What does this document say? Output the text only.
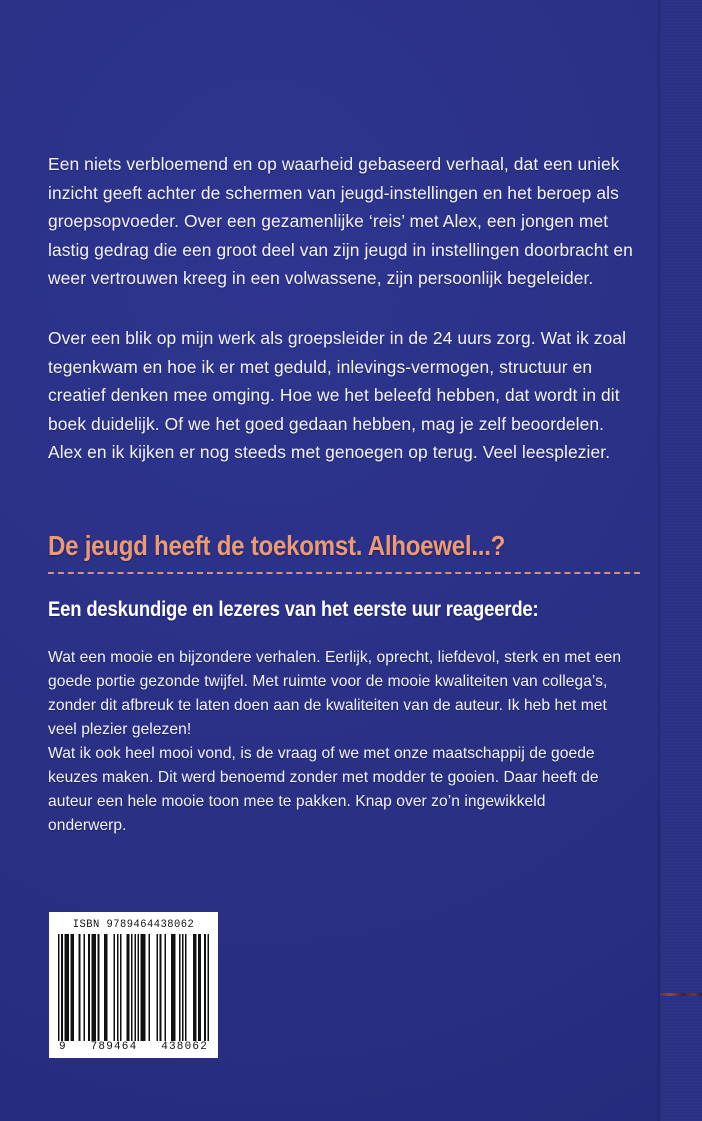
Een niets verbloemend en op waarheid gebaseerd verhaal, dat een uniek inzicht geeft achter de schermen van jeugd-instellingen en het beroep als groepsopvoeder. Over een gezamenlijke ‘reis’ met Alex, een jongen met lastig gedrag die een groot deel van zijn jeugd in instellingen doorbracht en weer vertrouwen kreeg in een volwassene, zijn persoonlijk begeleider.

Over een blik op mijn werk als groepsleider in de 24 uurs zorg. Wat ik zoal tegenkwam en hoe ik er met geduld, inlevings-vermogen, structuur en creatief denken mee omging. Hoe we het beleefd hebben, dat wordt in dit boek duidelijk. Of we het goed gedaan hebben, mag je zelf beoordelen. Alex en ik kijken er nog steeds met genoegen op terug. Veel leesplezier.

De jeugd heeft de toekomst. Alhoewel...?
Een deskundige en lezeres van het eerste uur reageerde:

Wat een mooie en bijzondere verhalen. Eerlijk, oprecht, liefdevol, sterk en met een goede portie gezonde twijfel. Met ruimte voor de mooie kwaliteiten van collega’s, zonder dit afbreuk te laten doen aan de kwaliteiten van de auteur. Ik heb het met veel plezier gelezen!

Wat ik ook heel mooi vond, is de vraag of we met onze maatschappij de goede keuzes maken. Dit werd benoemd zonder met modder te gooien. Daar heeft de auteur een hele mooie toon mee te pakken. Knap over zo’n ingewikkeld onderwerp.

ISBN 9789464438062
9 789464 438062
